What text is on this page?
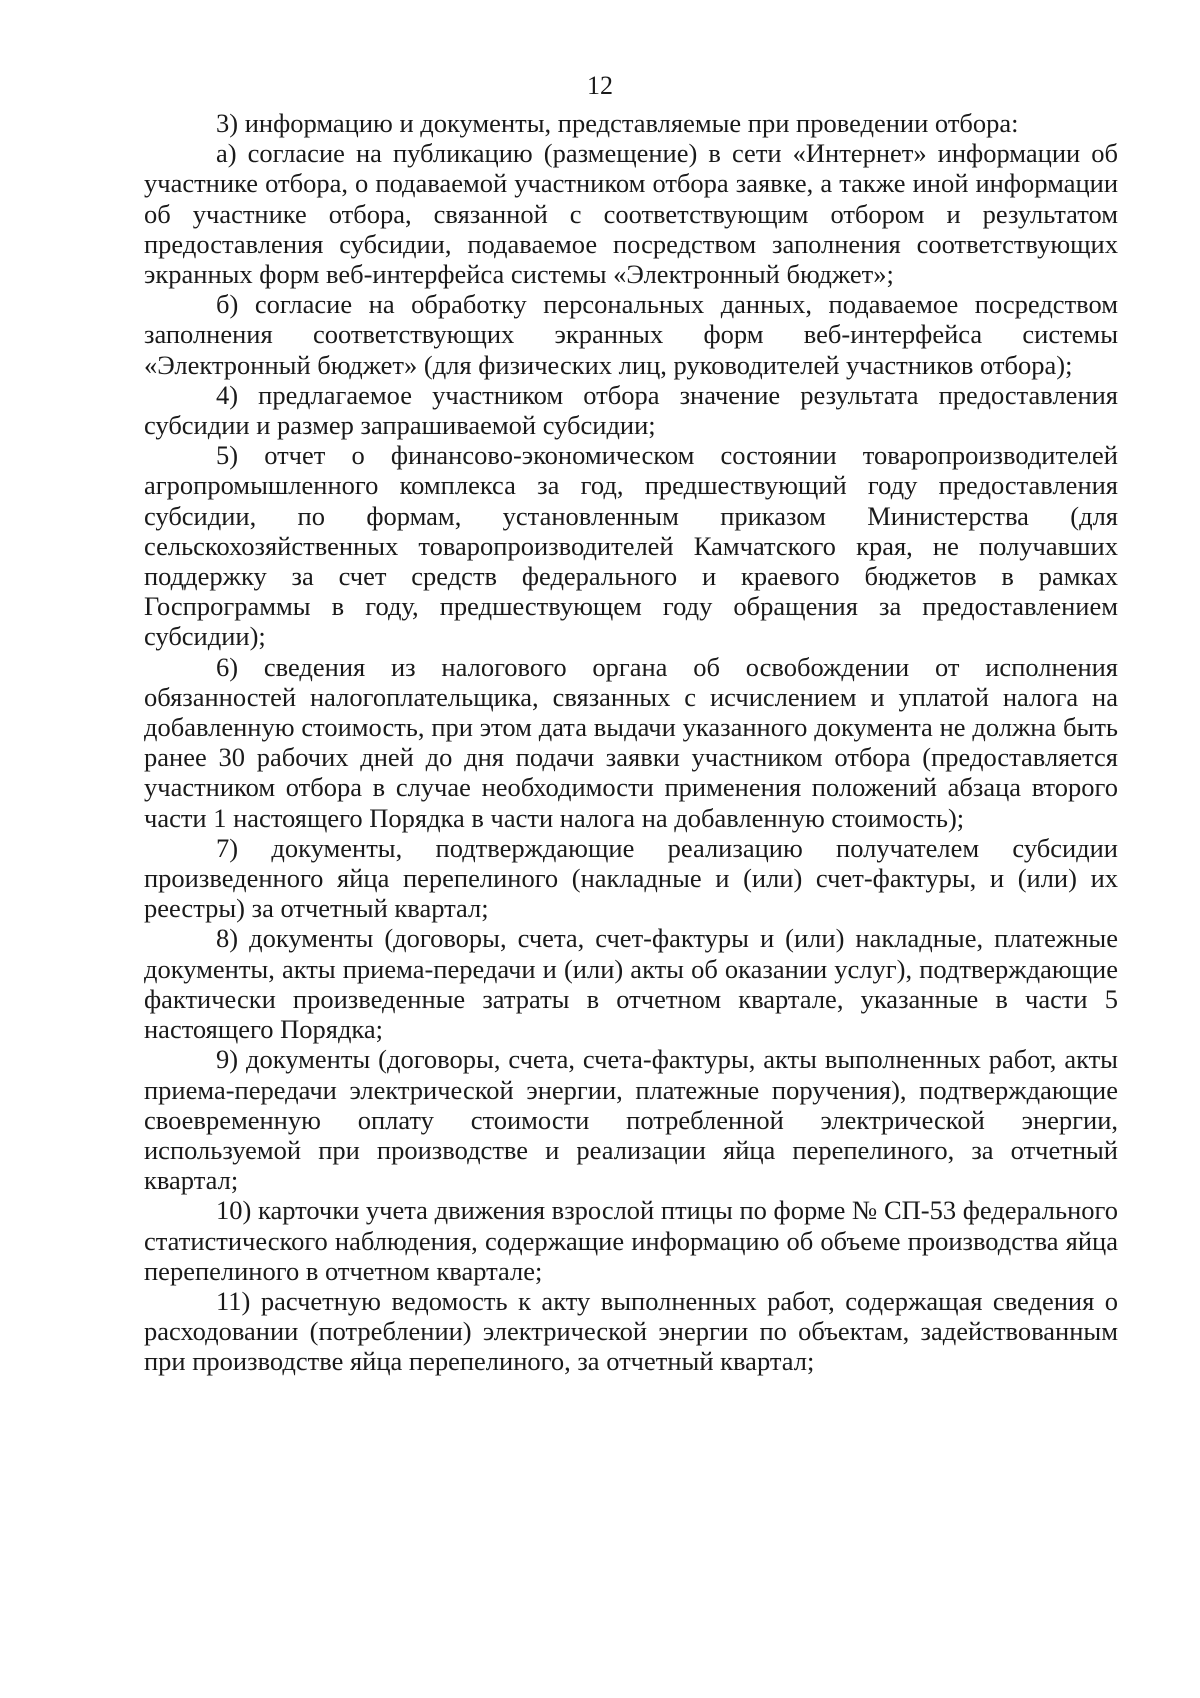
12

3) информацию и документы, представляемые при проведении отбора:

а) согласие на публикацию (размещение) в сети «Интернет» информации об участнике отбора, о подаваемой участником отбора заявке, а также иной информации об участнике отбора, связанной с соответствующим отбором и результатом предоставления субсидии, подаваемое посредством заполнения соответствующих экранных форм веб-интерфейса системы «Электронный бюджет»;

б) согласие на обработку персональных данных, подаваемое посредством заполнения соответствующих экранных форм веб-интерфейса системы «Электронный бюджет» (для физических лиц, руководителей участников отбора);

4) предлагаемое участником отбора значение результата предоставления субсидии и размер запрашиваемой субсидии;

5) отчет о финансово-экономическом состоянии товаропроизводителей агропромышленного комплекса за год, предшествующий году предоставления субсидии, по формам, установленным приказом Министерства (для сельскохозяйственных товаропроизводителей Камчатского края, не получавших поддержку за счет средств федерального и краевого бюджетов в рамках Госпрограммы в году, предшествующем году обращения за предоставлением субсидии);

6) сведения из налогового органа об освобождении от исполнения обязанностей налогоплательщика, связанных с исчислением и уплатой налога на добавленную стоимость, при этом дата выдачи указанного документа не должна быть ранее 30 рабочих дней до дня подачи заявки участником отбора (предоставляется участником отбора в случае необходимости применения положений абзаца второго части 1 настоящего Порядка в части налога на добавленную стоимость);

7) документы, подтверждающие реализацию получателем субсидии произведенного яйца перепелиного (накладные и (или) счет-фактуры, и (или) их реестры) за отчетный квартал;

8) документы (договоры, счета, счет-фактуры и (или) накладные, платежные документы, акты приема-передачи и (или) акты об оказании услуг), подтверждающие фактически произведенные затраты в отчетном квартале, указанные в части 5 настоящего Порядка;

9) документы (договоры, счета, счета-фактуры, акты выполненных работ, акты приема-передачи электрической энергии, платежные поручения), подтверждающие своевременную оплату стоимости потребленной электрической энергии, используемой при производстве и реализации яйца перепелиного, за отчетный квартал;

10) карточки учета движения взрослой птицы по форме № СП-53 федерального статистического наблюдения, содержащие информацию об объеме производства яйца перепелиного в отчетном квартале;

11) расчетную ведомость к акту выполненных работ, содержащая сведения о расходовании (потреблении) электрической энергии по объектам, задействованным при производстве яйца перепелиного, за отчетный квартал;
